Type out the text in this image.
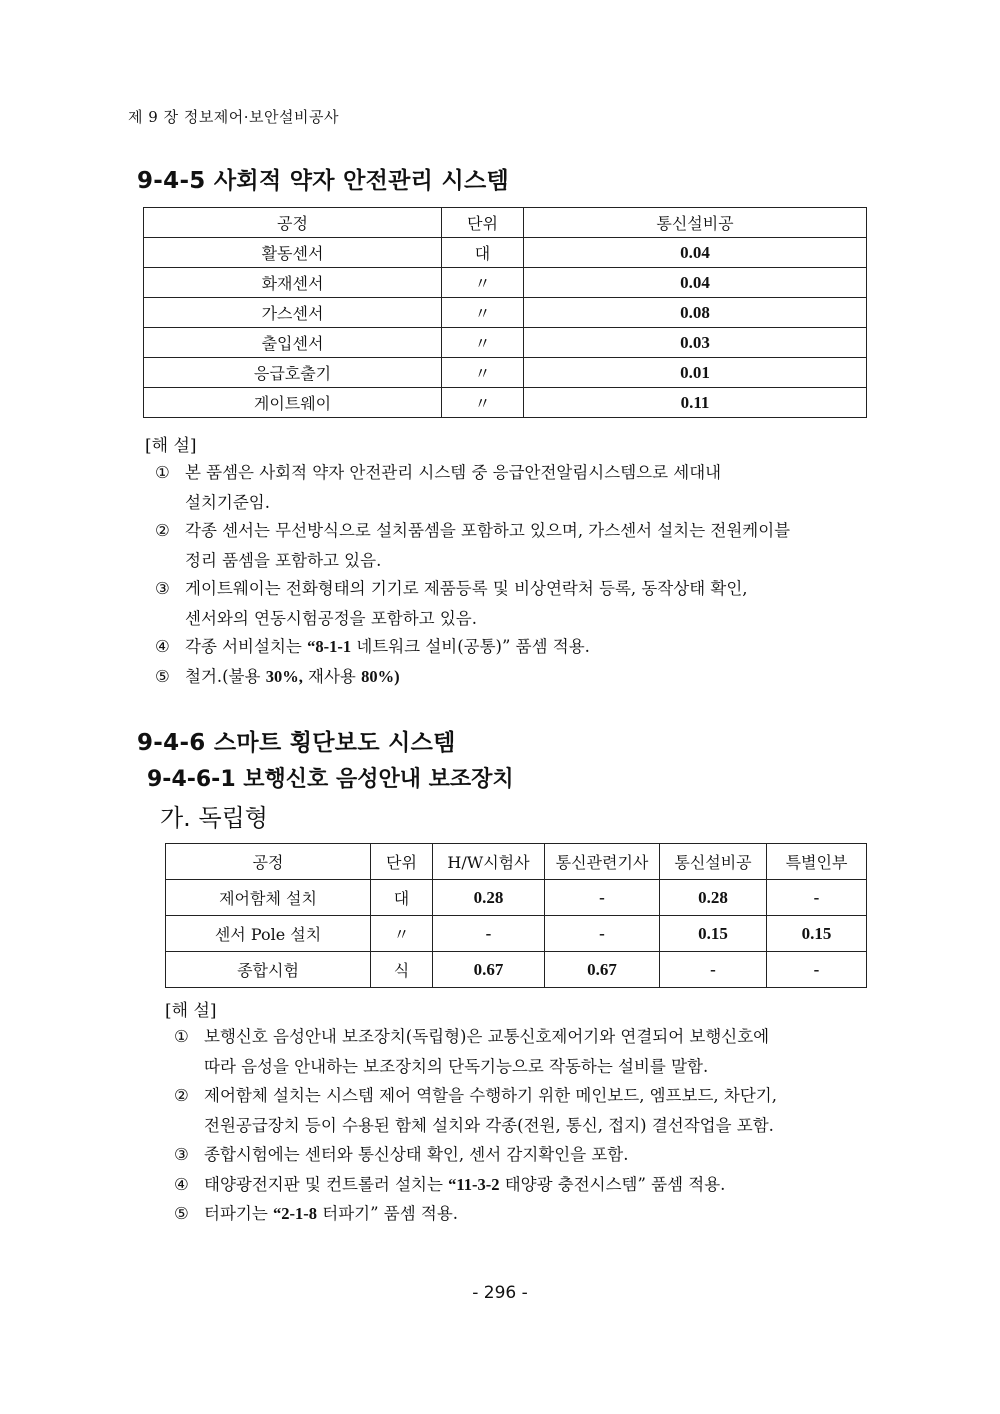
제 9 장 정보제어·보안설비공사
9-4-5 사회적 약자 안전관리 시스템
공정	단위	통신설비공
활동센서	대	0.04
화재센서	〃	0.04
가스센서	〃	0.08
출입센서	〃	0.03
응급호출기	〃	0.01
게이트웨이	〃	0.11
[해 설]
① 본 품셈은 사회적 약자 안전관리 시스템 중 응급안전알림시스템으로 세대내
설치기준임.
② 각종 센서는 무선방식으로 설치품셈을 포함하고 있으며, 가스센서 설치는 전원케이블
정리 품셈을 포함하고 있음.
③ 게이트웨이는 전화형태의 기기로 제품등록 및 비상연락처 등록, 동작상태 확인,
센서와의 연동시험공정을 포함하고 있음.
④ 각종 서비설치는 “8-1-1 네트워크 설비(공통)” 품셈 적용.
⑤ 철거.(불용 30%, 재사용 80%)
9-4-6 스마트 횡단보도 시스템
9-4-6-1 보행신호 음성안내 보조장치
가. 독립형
공정	단위	H/W시험사	통신관련기사	통신설비공	특별인부
제어함체 설치	대	0.28	-	0.28	-
센서 Pole 설치	〃	-	-	0.15	0.15
종합시험	식	0.67	0.67	-	-
[해 설]
① 보행신호 음성안내 보조장치(독립형)은 교통신호제어기와 연결되어 보행신호에
따라 음성을 안내하는 보조장치의 단독기능으로 작동하는 설비를 말함.
② 제어함체 설치는 시스템 제어 역할을 수행하기 위한 메인보드, 엠프보드, 차단기,
전원공급장치 등이 수용된 함체 설치와 각종(전원, 통신, 접지) 결선작업을 포함.
③ 종합시험에는 센터와 통신상태 확인, 센서 감지확인을 포함.
④ 태양광전지판 및 컨트롤러 설치는 “11-3-2 태양광 충전시스템” 품셈 적용.
⑤ 터파기는 “2-1-8 터파기” 품셈 적용.
- 296 -
